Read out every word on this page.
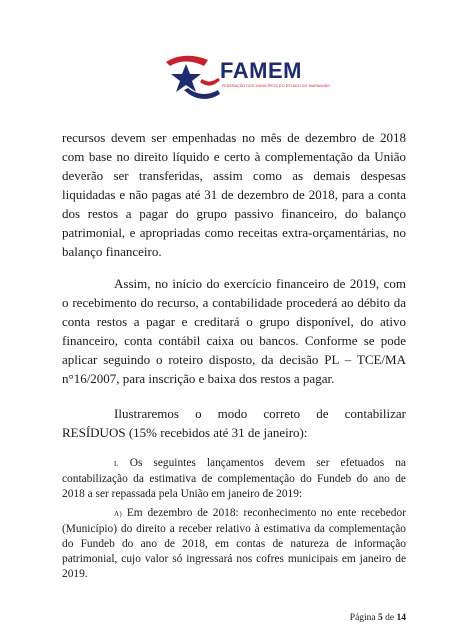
FAMEM
FEDERAÇÃO DOS MUNICÍPIOS DO ESTADO DO MARANHÃO
recursos devem ser empenhadas no mês de dezembro de 2018 com base no direito líquido e certo à complementação da União deverão ser transferidas, assim como as demais despesas liquidadas e não pagas até 31 de dezembro de 2018, para a conta dos restos a pagar do grupo passivo financeiro, do balanço patrimonial, e apropriadas como receitas extra-orçamentárias, no balanço financeiro.
Assim, no início do exercício financeiro de 2019, com o recebimento do recurso, a contabilidade procederá ao débito da conta restos a pagar e creditará o grupo disponível, do ativo financeiro, conta contábil caixa ou bancos. Conforme se pode aplicar seguindo o roteiro disposto, da decisão PL – TCE/MA n°16/2007, para inscrição e baixa dos restos a pagar.
Ilustraremos o modo correto de contabilizar RESÍDUOS (15% recebidos até 31 de janeiro):
I. Os seguintes lançamentos devem ser efetuados na contabilização da estimativa de complementação do Fundeb do ano de 2018 a ser repassada pela União em janeiro de 2019:
A) Em dezembro de 2018: reconhecimento no ente recebedor (Município) do direito a receber relativo à estimativa da complementação do Fundeb do ano de 2018, em contas de natureza de informação patrimonial, cujo valor só ingressará nos cofres municipais em janeiro de 2019.
Página 5 de 14
